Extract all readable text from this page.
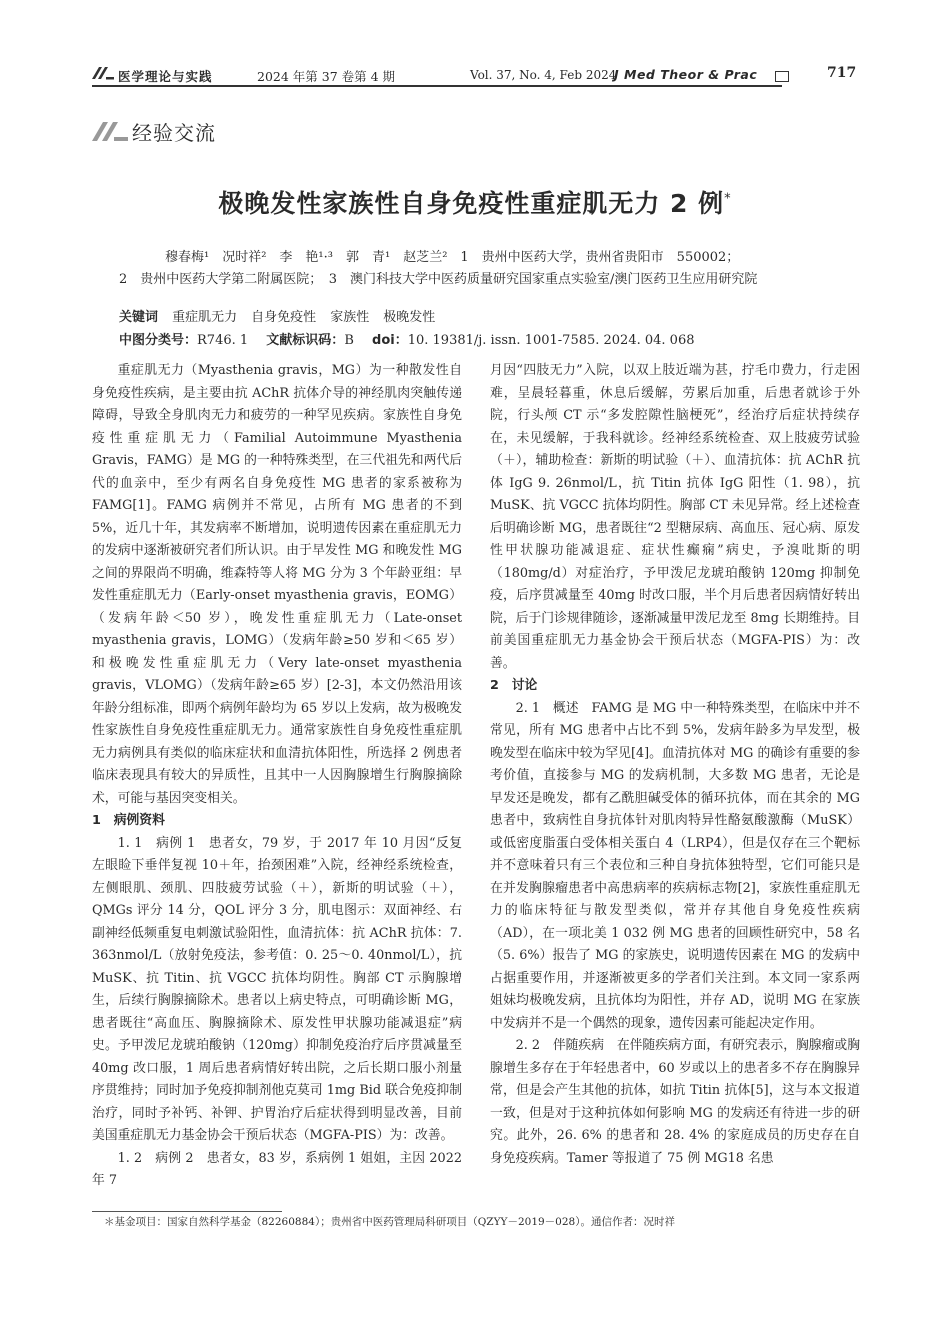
医学理论与实践	2024 年第 37 卷第 4 期	Vol. 37, No. 4, Feb 2024
J Med Theor & Prac	717
经验交流
极晚发性家族性自身免疫性重症肌无力 2 例*
穆春梅¹　况时祥²　李　艳¹·³　郭　青¹　赵芝兰²　1　贵州中医药大学，贵州省贵阳市　550002；
2　贵州中医药大学第二附属医院；　3　澳门科技大学中医药质量研究国家重点实验室/澳门医药卫生应用研究院
关键词 重症肌无力 自身免疫性 家族性 极晚发性
中图分类号：R746. 1 文献标识码：B doi：10. 19381/j. issn. 1001-7585. 2024. 04. 068

重症肌无力（Myasthenia gravis，MG）为一种散发性自身免疫性疾病，是主要由抗 AChR 抗体介导的神经肌肉突触传递障碍，导致全身肌肉无力和疲劳的一种罕见疾病。家族性自身免疫性重症肌无力（Familial Autoimmune Myasthenia Gravis，FAMG）是 MG 的一种特殊类型，在三代祖先和两代后代的血亲中，至少有两名自身免疫性 MG 患者的家系被称为 FAMG[1]。FAMG 病例并不常见，占所有 MG 患者的不到 5%，近几十年，其发病率不断增加，说明遗传因素在重症肌无力的发病中逐渐被研究者们所认识。由于早发性 MG 和晚发性 MG 之间的界限尚不明确，维森特等人将 MG 分为 3 个年龄亚组：早发性重症肌无力（Early-onset myasthenia gravis，EOMG）（发病年龄＜50 岁），晚发性重症肌无力（Late-onset myasthenia gravis，LOMG）（发病年龄≥50 岁和＜65 岁）和极晚发性重症肌无力（Very late-onset myasthenia gravis，VLOMG）（发病年龄≥65 岁）[2-3]，本文仍然沿用该年龄分组标准，即两个病例年龄均为 65 岁以上发病，故为极晚发性家族性自身免疫性重症肌无力。通常家族性自身免疫性重症肌无力病例具有类似的临床症状和血清抗体阳性，所选择 2 例患者临床表现具有较大的异质性，且其中一人因胸腺增生行胸腺摘除术，可能与基因突变相关。

1　病例资料

1. 1　病例 1　患者女，79 岁，于 2017 年 10 月因“反复左眼睑下垂伴复视 10＋年，抬颈困难”入院，经神经系统检查，左侧眼肌、颈肌、四肢疲劳试验（＋），新斯的明试验（＋），QMGs 评分 14 分，QOL 评分 3 分，肌电图示：双面神经、右副神经低频重复电刺激试验阳性，血清抗体：抗 AChR 抗体：7. 363nmol/L（放射免疫法，参考值：0. 25～0. 40nmol/L），抗 MuSK、抗 Titin、抗 VGCC 抗体均阴性。胸部 CT 示胸腺增生，后续行胸腺摘除术。患者以上病史特点，可明确诊断 MG，患者既往“高血压、胸腺摘除术、原发性甲状腺功能减退症”病史。予甲泼尼龙琥珀酸钠（120mg）抑制免疫治疗后序贯减量至 40mg 改口服，1 周后患者病情好转出院，之后长期口服小剂量序贯维持；同时加予免疫抑制剂他克莫司 1mg Bid 联合免疫抑制治疗，同时予补钙、补钾、护胃治疗后症状得到明显改善，目前美国重症肌无力基金协会干预后状态（MGFA-PIS）为：改善。

1. 2　病例 2　患者女，83 岁，系病例 1 姐姐，主因 2022 年 7

月因“四肢无力”入院，以双上肢近端为甚，拧毛巾费力，行走困难，呈晨轻暮重，休息后缓解，劳累后加重，后患者就诊于外院，行头颅 CT 示“多发腔隙性脑梗死”，经治疗后症状持续存在，未见缓解，于我科就诊。经神经系统检查、双上肢疲劳试验（＋），辅助检查：新斯的明试验（＋）、血清抗体：抗 AChR 抗体 IgG 9. 26nmol/L，抗 Titin 抗体 IgG 阳性（1. 98），抗 MuSK、抗 VGCC 抗体均阴性。胸部 CT 未见异常。经上述检查后明确诊断 MG，患者既往“2 型糖尿病、高血压、冠心病、原发性甲状腺功能减退症、症状性癫痫”病史，予溴吡斯的明（180mg/d）对症治疗，予甲泼尼龙琥珀酸钠 120mg 抑制免疫，后序贯减量至 40mg 时改口服，半个月后患者因病情好转出院，后于门诊规律随诊，逐渐减量甲泼尼龙至 8mg 长期维持。目前美国重症肌无力基金协会干预后状态（MGFA-PIS）为：改善。

2　讨论

2. 1　概述　FAMG 是 MG 中一种特殊类型，在临床中并不常见，所有 MG 患者中占比不到 5%，发病年龄多为早发型，极晚发型在临床中较为罕见[4]。血清抗体对 MG 的确诊有重要的参考价值，直接参与 MG 的发病机制，大多数 MG 患者，无论是早发还是晚发，都有乙酰胆碱受体的循环抗体，而在其余的 MG 患者中，致病性自身抗体针对肌肉特异性酪氨酸激酶（MuSK）或低密度脂蛋白受体相关蛋白 4（LRP4），但是仅存在三个靶标并不意味着只有三个表位和三种自身抗体独特型，它们可能只是在并发胸腺瘤患者中高患病率的疾病标志物[2]，家族性重症肌无力的临床特征与散发型类似，常并存其他自身免疫性疾病（AD），在一项北美 1 032 例 MG 患者的回顾性研究中，58 名（5. 6%）报告了 MG 的家族史，说明遗传因素在 MG 的发病中占据重要作用，并逐渐被更多的学者们关注到。本文同一家系两姐妹均极晚发病，且抗体均为阳性，并存 AD，说明 MG 在家族中发病并不是一个偶然的现象，遗传因素可能起决定作用。

2. 2　伴随疾病　在伴随疾病方面，有研究表示，胸腺瘤或胸腺增生多存在于年轻患者中，60 岁或以上的患者多不存在胸腺异常，但是会产生其他的抗体，如抗 Titin 抗体[5]，这与本文报道一致，但是对于这种抗体如何影响 MG 的发病还有待进一步的研究。此外，26. 6% 的患者和 28. 4% 的家庭成员的历史存在自身免疫疾病。Tamer 等报道了 75 例 MG18 名患

＊基金项目：国家自然科学基金（82260884）；贵州省中医药管理局科研项目（QZYY－2019－028）。通信作者：况时祥
